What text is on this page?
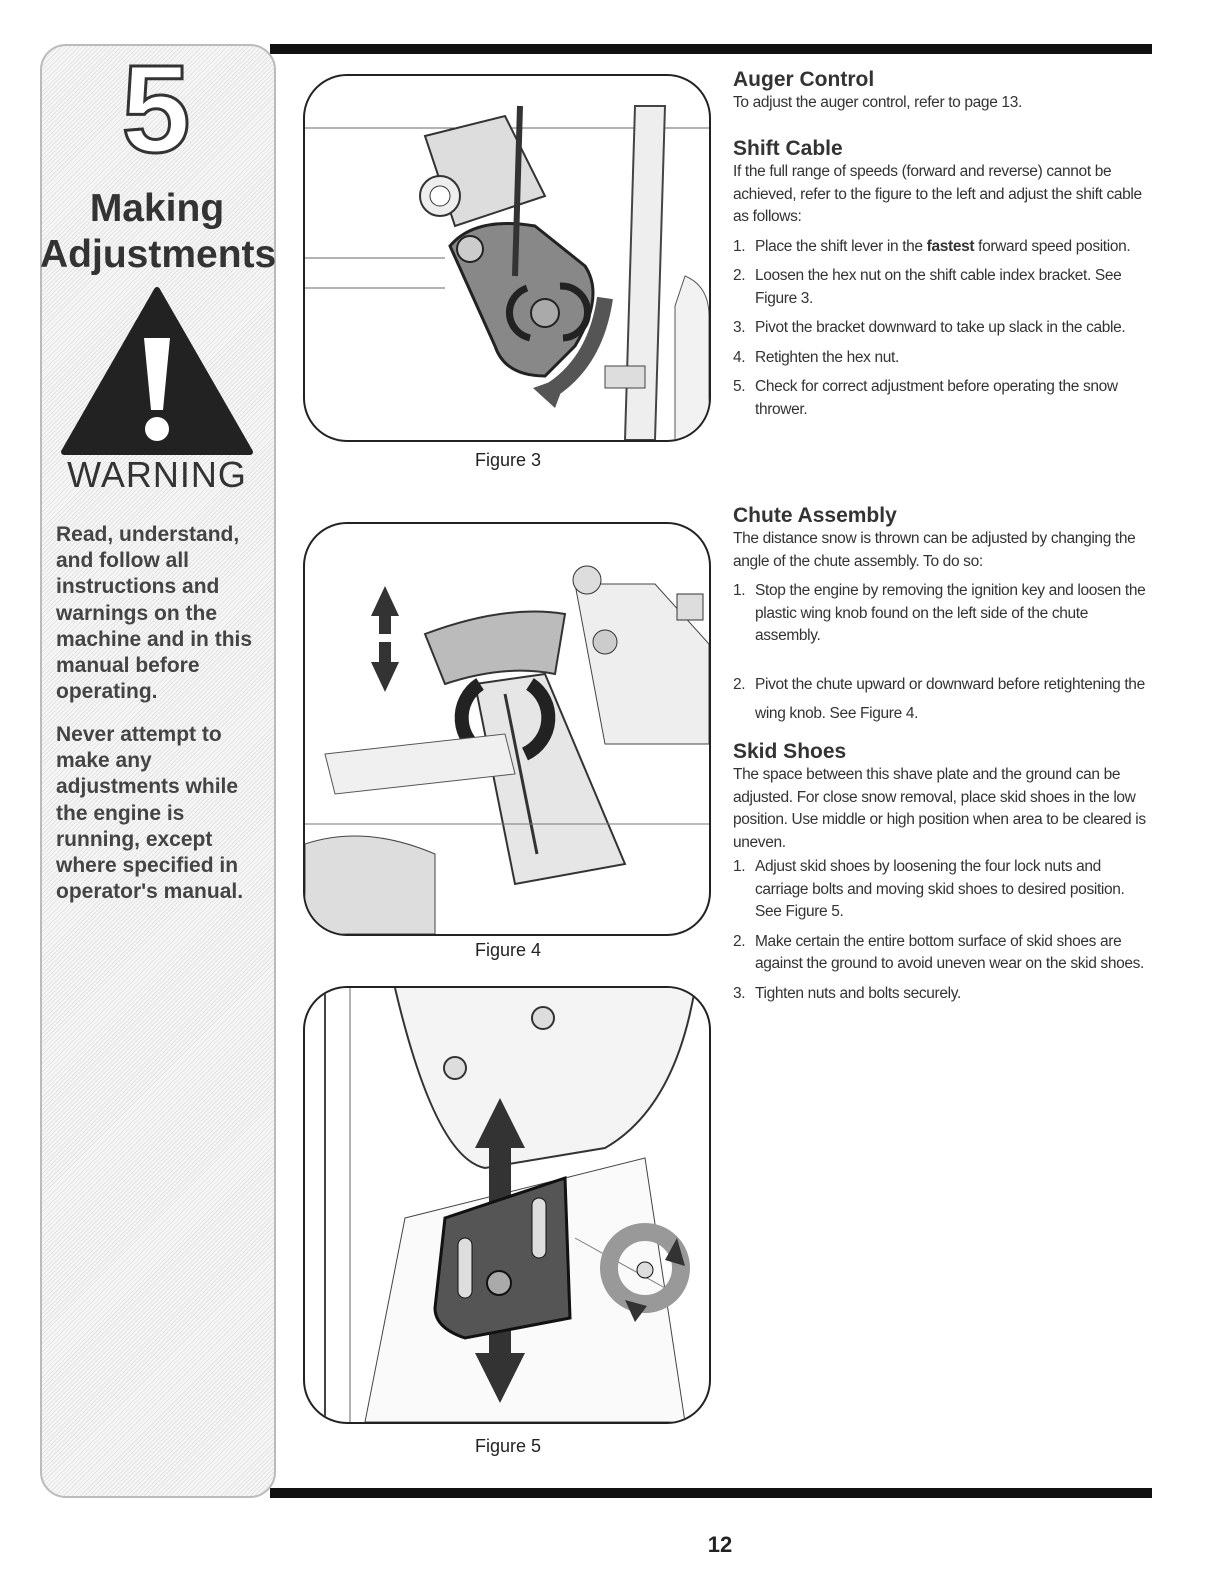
5
Making
Adjustments
WARNING
Read, understand, and follow all instructions and warnings on the machine and in this manual before operating.
Never attempt to make any adjustments while the engine is running, except where specified in operator's manual.
Figure 3
Figure 4
Figure 5
Auger Control

To adjust the auger control, refer to page 13.

Shift Cable

If the full range of speeds (forward and reverse) cannot be achieved, refer to the figure to the left and adjust the shift cable as follows:

1. Place the shift lever in the fastest forward speed position.
2. Loosen the hex nut on the shift cable index bracket. See Figure 3.
3. Pivot the bracket downward to take up slack in the cable.
4. Retighten the hex nut.
5. Check for correct adjustment before operating the snow thrower.
Chute Assembly

The distance snow is thrown can be adjusted by changing the angle of the chute assembly. To do so:

1. Stop the engine by removing the ignition key and loosen the plastic wing knob found on the left side of the chute assembly.
2. Pivot the chute upward or downward before retightening the wing knob. See Figure 4.
Skid Shoes

The space between this shave plate and the ground can be adjusted. For close snow removal, place skid shoes in the low position. Use middle or high position when area to be cleared is uneven.

1. Adjust skid shoes by loosening the four lock nuts and carriage bolts and moving skid shoes to desired position. See Figure 5.
2. Make certain the entire bottom surface of skid shoes are against the ground to avoid uneven wear on the skid shoes.
3. Tighten nuts and bolts securely.
12
